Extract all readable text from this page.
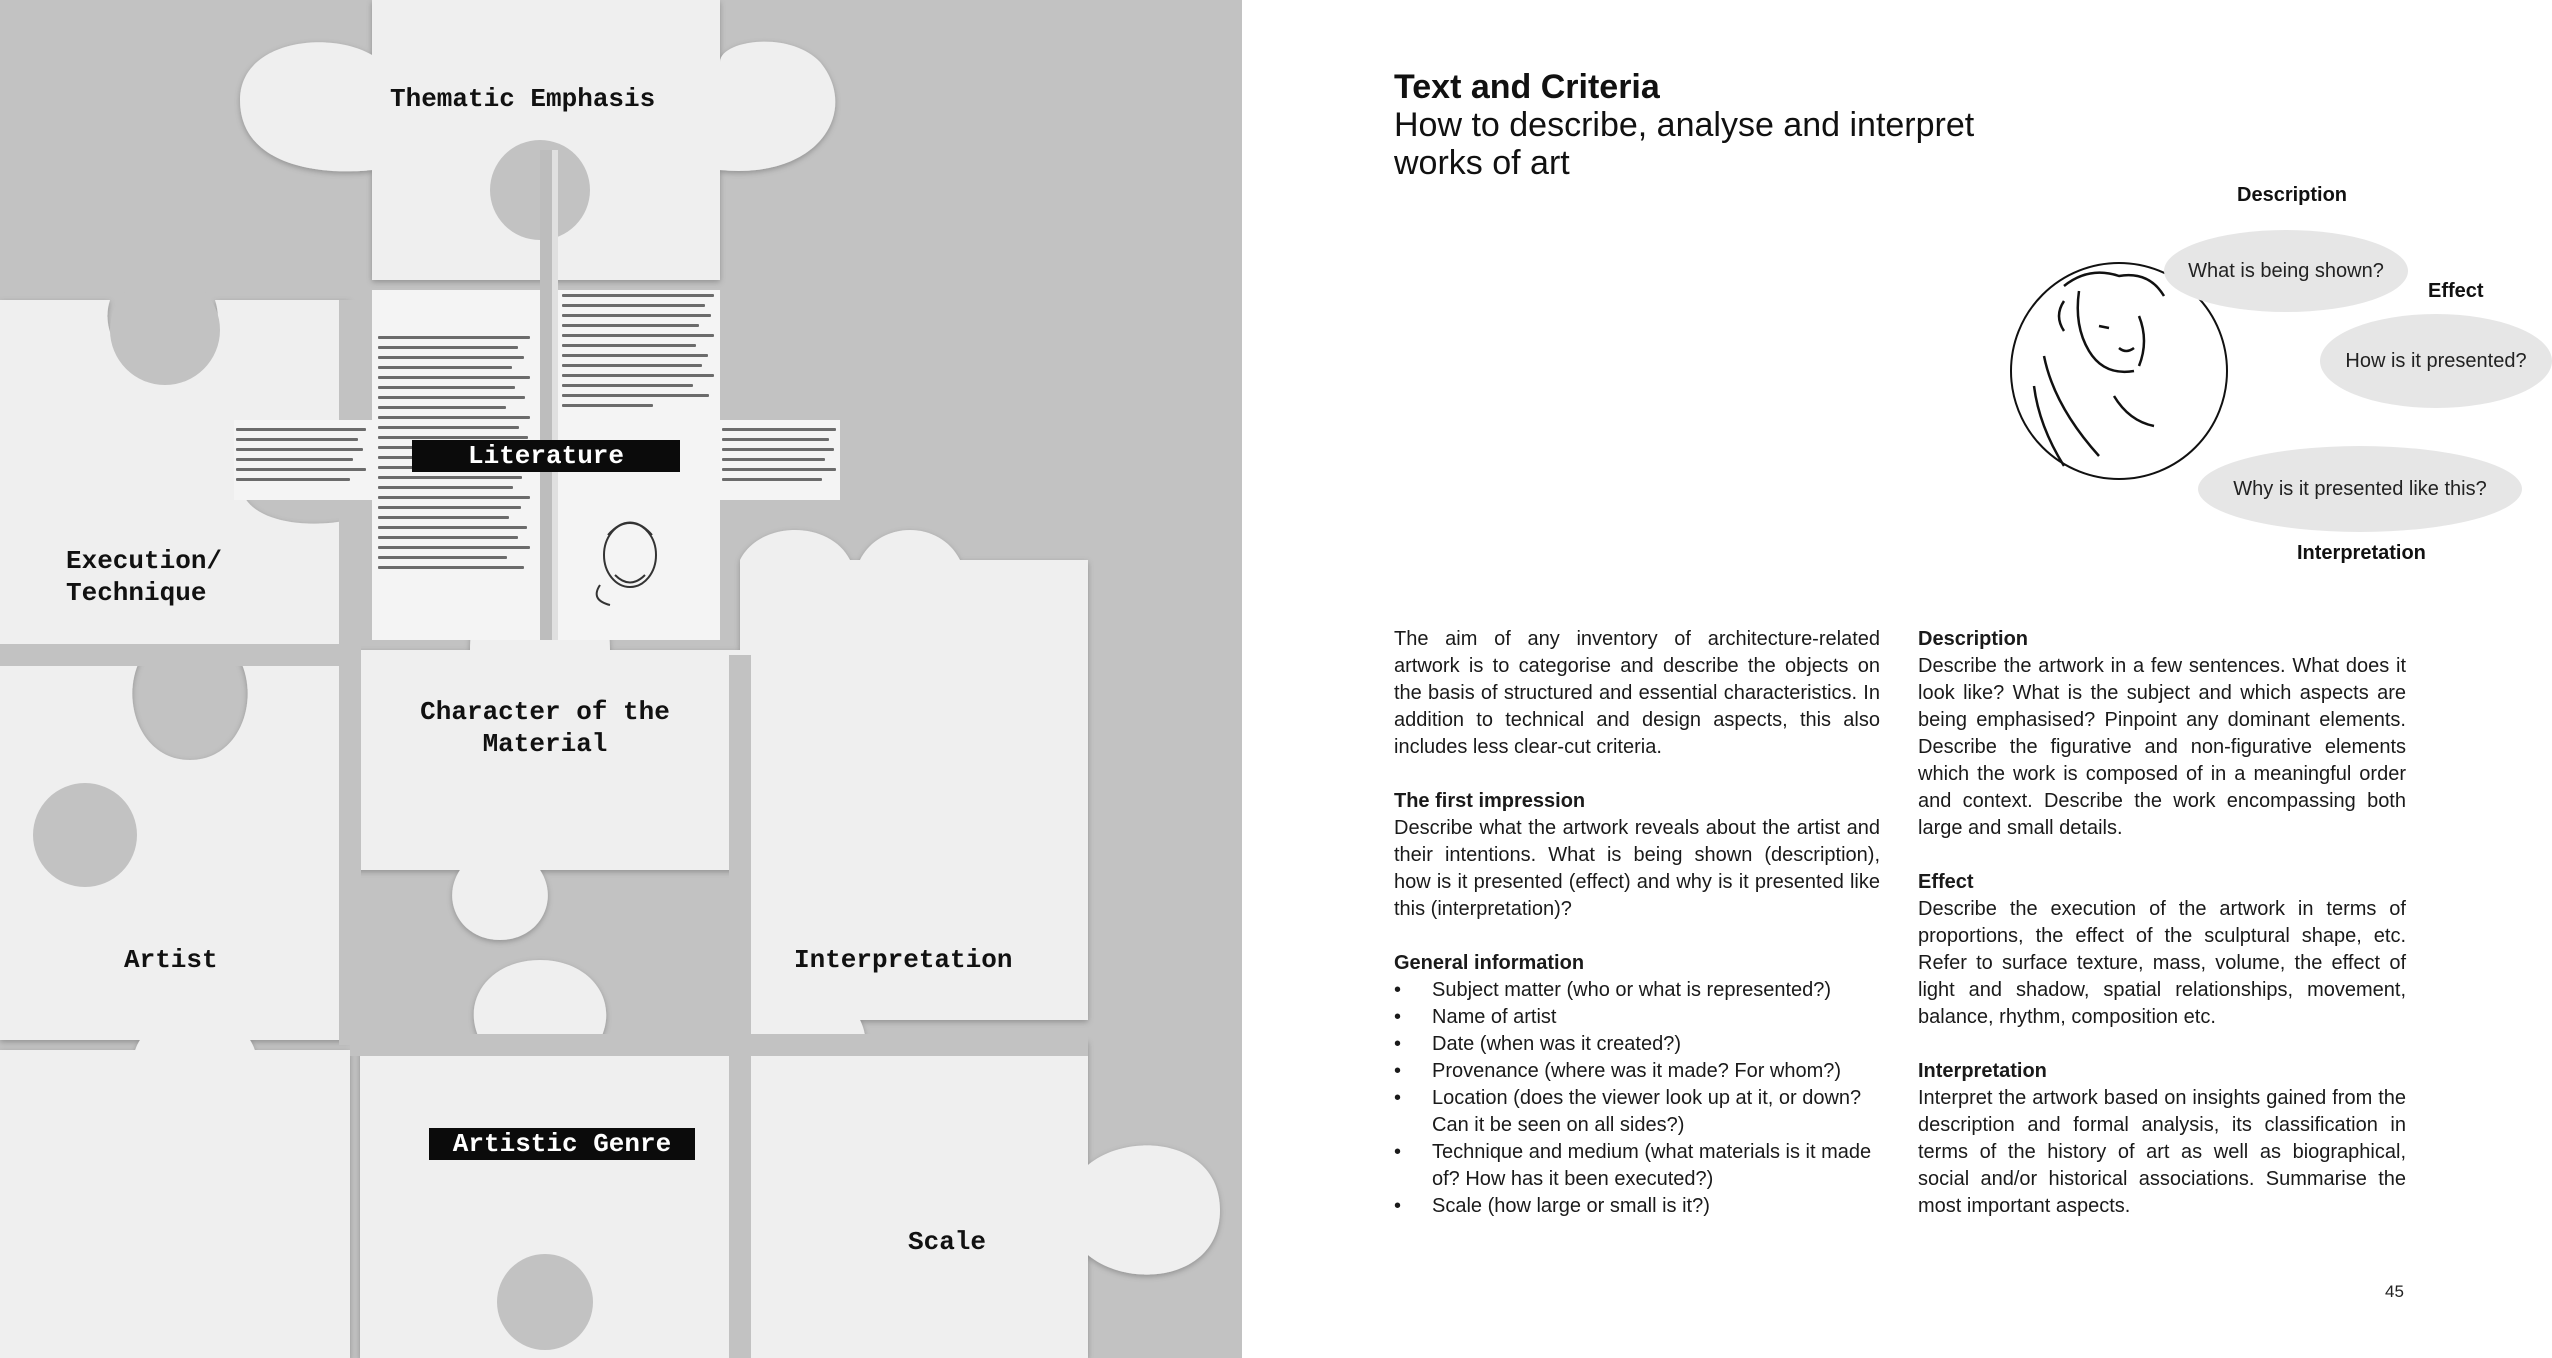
Thematic Emphasis
Literature
Execution/
Technique
Character of the
Material
Artist	Interpretation
Artistic Genre
Scale
Text and Criteria
How to describe, analyse and interpret works of art
Description
Effect
Interpretation
What is being shown?
How is it presented?
Why is it presented like this?

The aim of any inventory of architecture-related artwork is to categorise and describe the objects on the basis of structured and essential characteristics. In addition to technical and design aspects, this also includes less clear-cut criteria.

The first impression
Describe what the artwork reveals about the artist and their intentions. What is being shown (description), how is it presented (effect) and why is it presented like this (interpretation)?

General information
• Subject matter (who or what is represented?)
• Name of artist
• Date (when was it created?)
• Provenance (where was it made? For whom?)
• Location (does the viewer look up at it, or down? Can it be seen on all sides?)
• Technique and medium (what materials is it made of? How has it been executed?)
• Scale (how large or small is it?)

Description
Describe the artwork in a few sentences. What does it look like? What is the subject and which aspects are being emphasised? Pinpoint any dominant elements. Describe the figurative and non-figurative elements which the work is composed of in a meaningful order and context. Describe the work encompassing both large and small details.

Effect
Describe the execution of the artwork in terms of proportions, the effect of the sculptural shape, etc. Refer to surface texture, mass, volume, the effect of light and shadow, spatial relationships, movement, balance, rhythm, composition etc.

Interpretation
Interpret the artwork based on insights gained from the description and formal analysis, its classification in terms of the history of art as well as biographical, social and/or historical associations. Summarise the most important aspects.

45
